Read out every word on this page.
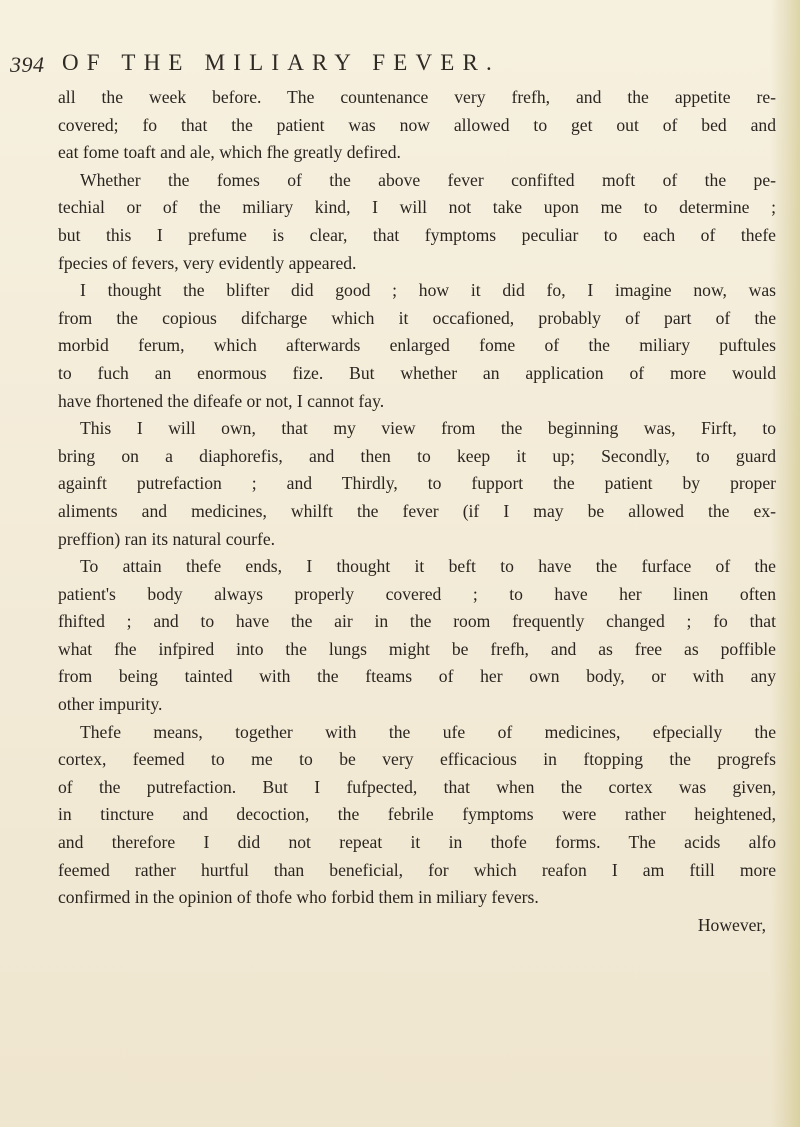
394 OF THE MILIARY FEVER.
all the week before. The countenance very frefh, and the appetite re-
covered; fo that the patient was now allowed to get out of bed and
eat fome toaft and ale, which fhe greatly defired.
Whether the fomes of the above fever confifted moft of the pe-
techial or of the miliary kind, I will not take upon me to determine ;
but this I prefume is clear, that fymptoms peculiar to each of thefe
fpecies of fevers, very evidently appeared.
I thought the blifter did good ; how it did fo, I imagine now, was
from the copious difcharge which it occafioned, probably of part of the
morbid ferum, which afterwards enlarged fome of the miliary puftules
to fuch an enormous fize. But whether an application of more would
have fhortened the difeafe or not, I cannot fay.
This I will own, that my view from the beginning was, Firft, to
bring on a diaphorefis, and then to keep it up; Secondly, to guard
againft putrefaction ; and Thirdly, to fupport the patient by proper
aliments and medicines, whilft the fever (if I may be allowed the ex-
preffion) ran its natural courfe.
To attain thefe ends, I thought it beft to have the furface of the
patient's body always properly covered ; to have her linen often
fhifted ; and to have the air in the room frequently changed ; fo that
what fhe infpired into the lungs might be frefh, and as free as poffible
from being tainted with the fteams of her own body, or with any
other impurity.
Thefe means, together with the ufe of medicines, efpecially the
cortex, feemed to me to be very efficacious in ftopping the progrefs
of the putrefaction. But I fufpected, that when the cortex was given,
in tincture and decoction, the febrile fymptoms were rather heightened,
and therefore I did not repeat it in thofe forms. The acids alfo
feemed rather hurtful than beneficial, for which reafon I am ftill more
confirmed in the opinion of thofe who forbid them in miliary fevers.
However,
